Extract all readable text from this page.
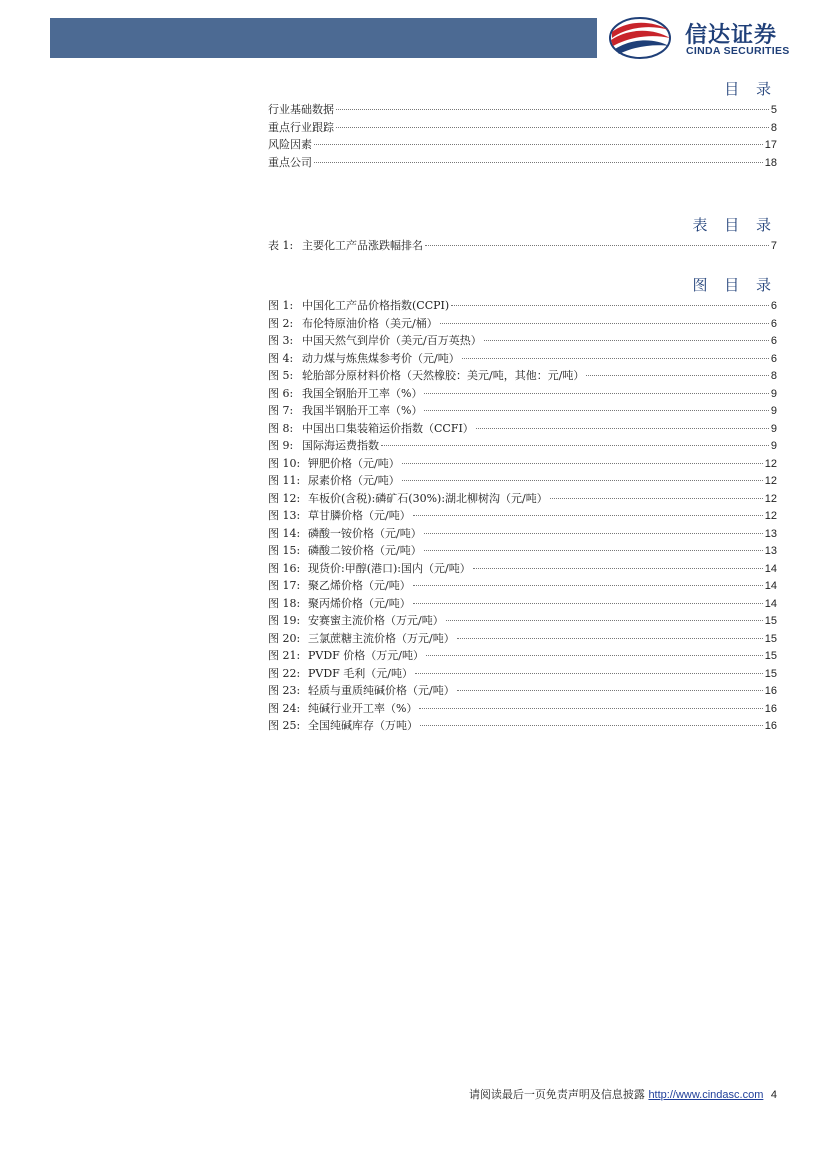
信达证券
CINDA SECURITIES
目 录
行业基础数据	5
重点行业跟踪	8
风险因素	17
重点公司	18
表 目 录
表 1: 主要化工产品涨跌幅排名	7
图 目 录
图 1: 中国化工产品价格指数(CCPI)	6
图 2: 布伦特原油价格（美元/桶）	6
图 3: 中国天然气到岸价（美元/百万英热）	6
图 4: 动力煤与炼焦煤参考价（元/吨）	6
图 5: 轮胎部分原材料价格（天然橡胶：美元/吨，其他：元/吨）	8
图 6: 我国全钢胎开工率（%）	9
图 7: 我国半钢胎开工率（%）	9
图 8: 中国出口集装箱运价指数（CCFI）	9
图 9: 国际海运费指数	9
图 10: 钾肥价格（元/吨）	12
图 11: 尿素价格（元/吨）	12
图 12: 车板价(含税):磷矿石(30%):湖北柳树沟（元/吨）	12
图 13: 草甘膦价格（元/吨）	12
图 14: 磷酸一铵价格（元/吨）	13
图 15: 磷酸二铵价格（元/吨）	13
图 16: 现货价:甲醇(港口):国内（元/吨）	14
图 17: 聚乙烯价格（元/吨）	14
图 18: 聚丙烯价格（元/吨）	14
图 19: 安赛蜜主流价格（万元/吨）	15
图 20: 三氯蔗糖主流价格（万元/吨）	15
图 21: PVDF 价格（万元/吨）	15
图 22: PVDF 毛利（元/吨）	15
图 23: 轻质与重质纯碱价格（元/吨）	16
图 24: 纯碱行业开工率（%）	16
图 25: 全国纯碱库存（万吨）	16
请阅读最后一页免责声明及信息披露 http://www.cindasc.com 4
